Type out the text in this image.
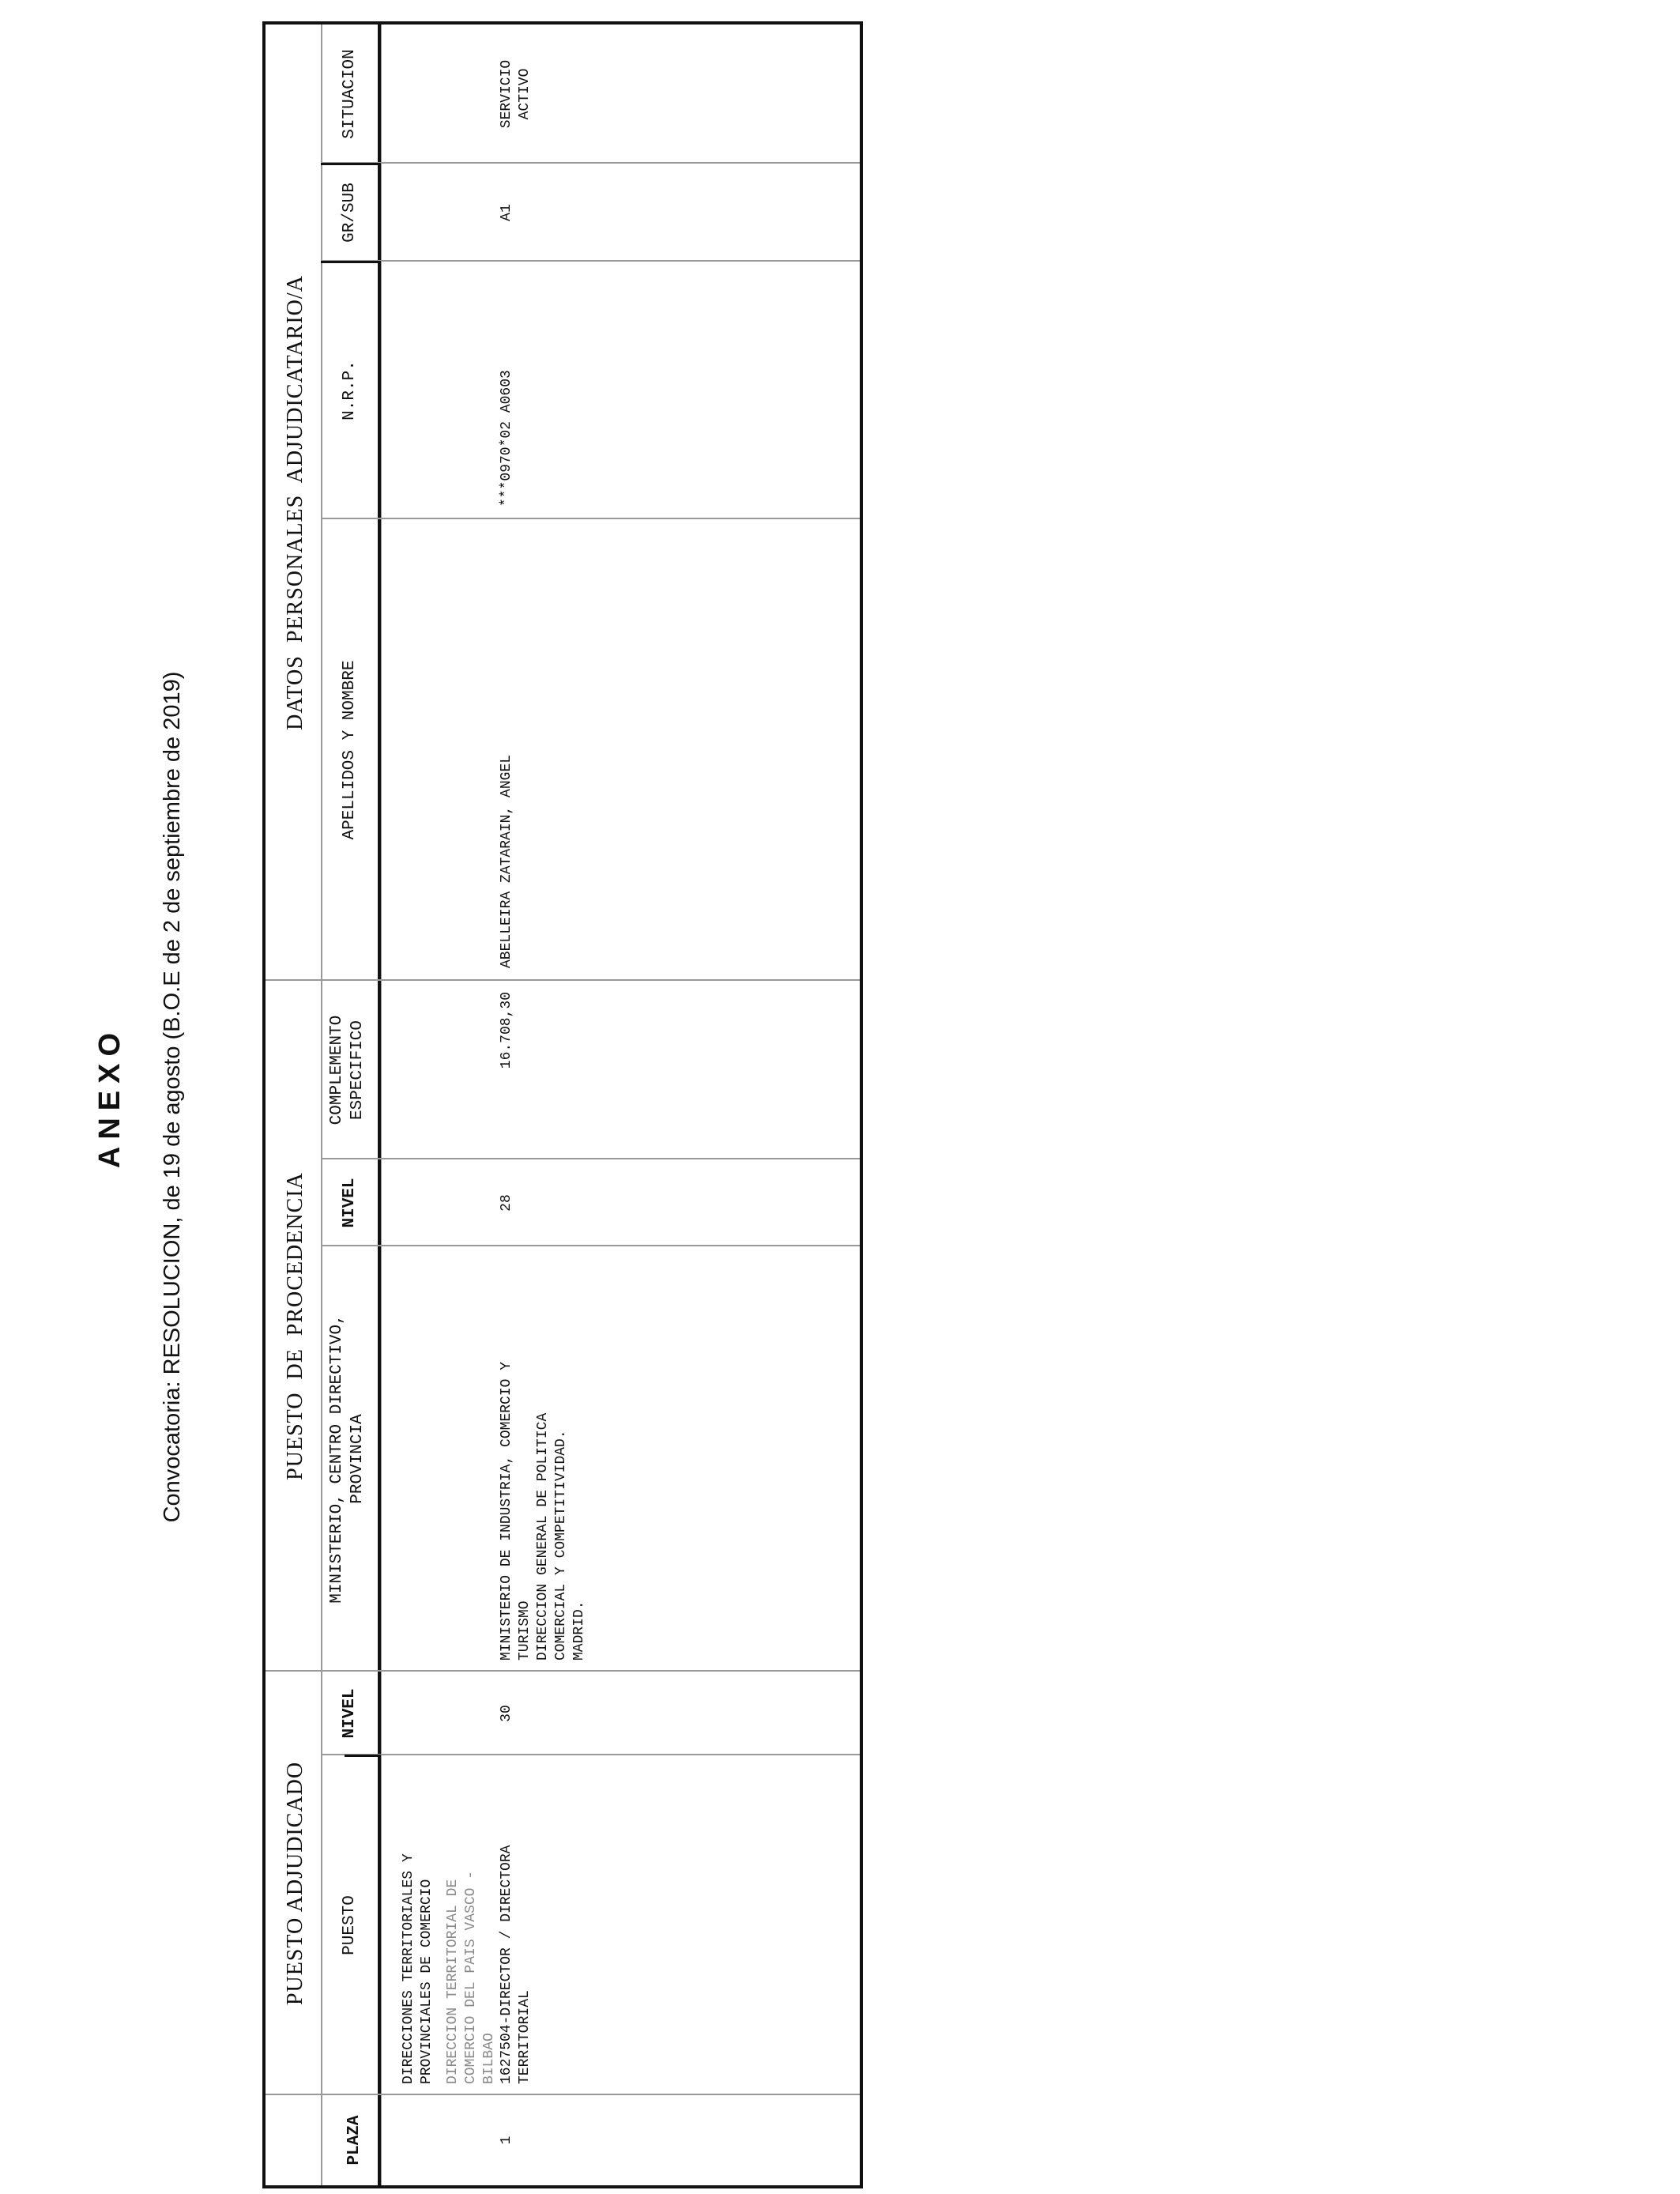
ANEXO Convocatoria: RESOLUCION, de 19 de agosto (B.O.E de 2 de septiembre de 2019)
PUESTO ADJUDICADO
PUESTO  DE  PROCEDENCIA
DATOS  PERSONALES  ADJUDICATARIO/A
PLAZA
PUESTO
NIVEL
MINISTERIO, CENTRO DIRECTIVO,
PROVINCIA
NIVEL
COMPLEMENTO
ESPECIFICO
APELLIDOS Y NOMBRE
N.R.P.
GR/SUB
SITUACION
DIRECCIONES TERRITORIALES Y
PROVINCIALES DE COMERCIO
DIRECCION TERRITORIAL DE
COMERCIO DEL PAIS VASCO -
BILBAO
1
1627504-DIRECTOR / DIRECTORA
TERRITORIAL
30
MINISTERIO DE INDUSTRIA, COMERCIO Y
TURISMO
DIRECCION GENERAL DE POLITICA
COMERCIAL Y COMPETITIVIDAD.
MADRID.
28
16.708,30
ABELLEIRA ZATARAIN, ANGEL
***0970*02 A0603
A1
SERVICIO
ACTIVO
